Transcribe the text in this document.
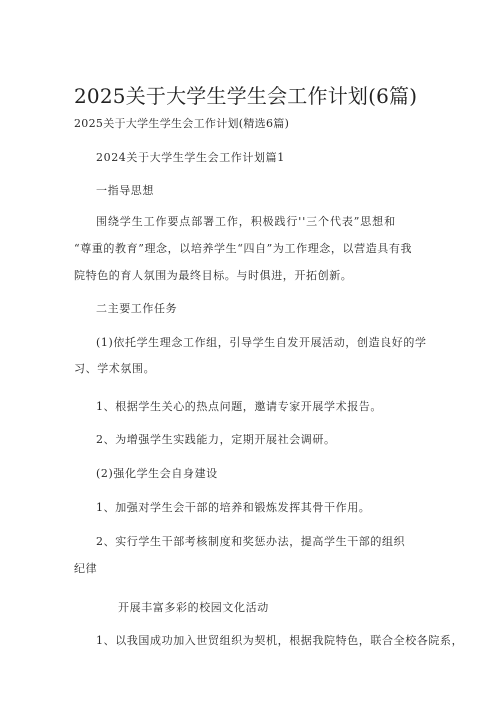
2025关于大学生学生会工作计划(6篇)
2025关于大学生学生会工作计划(精选6篇)
2024关于大学生学生会工作计划篇1
一指导思想
围绕学生工作要点部署工作，积极践行''三个代表”思想和
“尊重的教育”理念，以培养学生“四自”为工作理念，以营造具有我
院特色的育人氛围为最终目标。与时俱进，开拓创新。
二主要工作任务
(1)依托学生理念工作组，引导学生自发开展活动，创造良好的学
习、学术氛围。
1、根据学生关心的热点问题，邀请专家开展学术报告。
2、为增强学生实践能力，定期开展社会调研。
(2)强化学生会自身建设
1、加强对学生会干部的培养和锻炼发挥其骨干作用。
2、实行学生干部考核制度和奖惩办法，提高学生干部的组织
纪律
开展丰富多彩的校园文化活动
1、以我国成功加入世贸组织为契机，根据我院特色，联合全校各院系，
